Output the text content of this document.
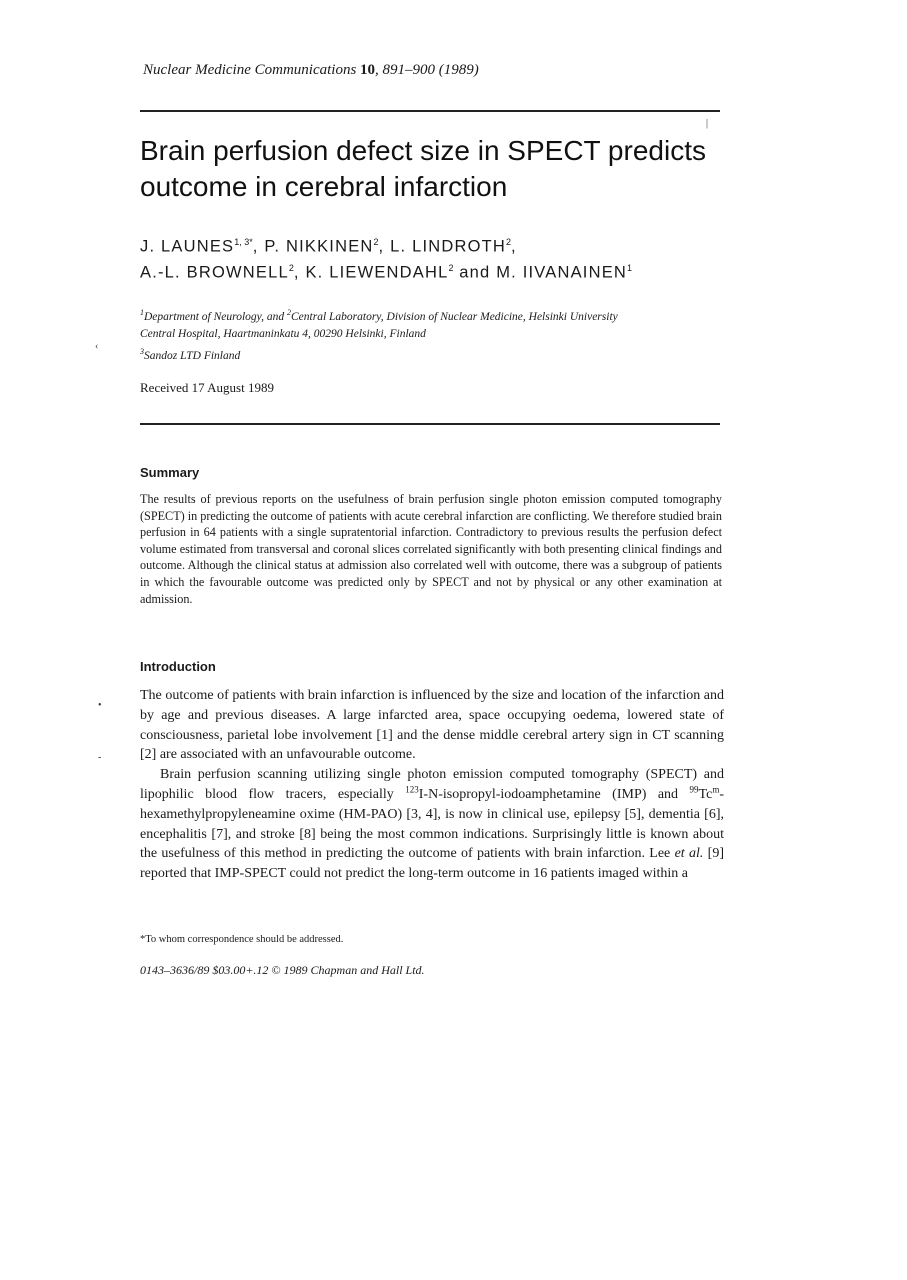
Nuclear Medicine Communications 10, 891–900 (1989)
|
Brain perfusion defect size in SPECT predicts outcome in cerebral infarction
J. $LAUNES^{1, 3*}$, P. NIKKINEN$^2$, L. LINDROTH$^2$,
A.-L. BROWNELL$^2$, K. LIEWENDAHL$^2$ and M. IIVANAINEN$^1$
$^1$Department of Neurology, and $^2$Central Laboratory, Division of Nuclear Medicine, Helsinki University
Central Hospital, Haartmaninkatu 4, 00290 Helsinki, Finland
$^3$Sandoz LTD Finland
‹
Received 17 August 1989
Summary
The results of previous reports on the usefulness of brain perfusion single photon emission computed tomography (SPECT) in predicting the outcome of patients with acute cerebral infarction are conflicting. We therefore studied brain perfusion in 64 patients with a single supratentorial infarction. Contradictory to previous results the perfusion defect volume estimated from transversal and coronal slices correlated significantly with both presenting clinical findings and outcome. Although the clinical status at admission also correlated well with outcome, there was a subgroup of patients in which the favourable outcome was predicted only by SPECT and not by physical or any other examination at admission.
Introduction
•
-

The outcome of patients with brain infarction is influenced by the size and location of the infarction and by age and previous diseases. A large infarcted area, space occupying oedema, lowered state of consciousness, parietal lobe involvement [1] and the dense middle cerebral artery sign in CT scanning [2] are associated with an unfavourable outcome.

Brain perfusion scanning utilizing single photon emission computed tomography (SPECT) and lipophilic blood flow tracers, especially $^{123}$I-N-isopropyl-iodoamphetamine (IMP) and $^{99}$Tc$^m$-hexamethylpropyleneamine oxime (HM-PAO) [3, 4], is now in clinical use, epilepsy [5], dementia [6], encephalitis [7], and stroke [8] being the most common indications. Surprisingly little is known about the usefulness of this method in predicting the outcome of patients with brain infarction. Lee et al. [9] reported that IMP-SPECT could not predict the long-term outcome in 16 patients imaged within a

*To whom correspondence should be addressed.
0143–3636/89 $03.00+.12 © 1989 Chapman and Hall Ltd.
